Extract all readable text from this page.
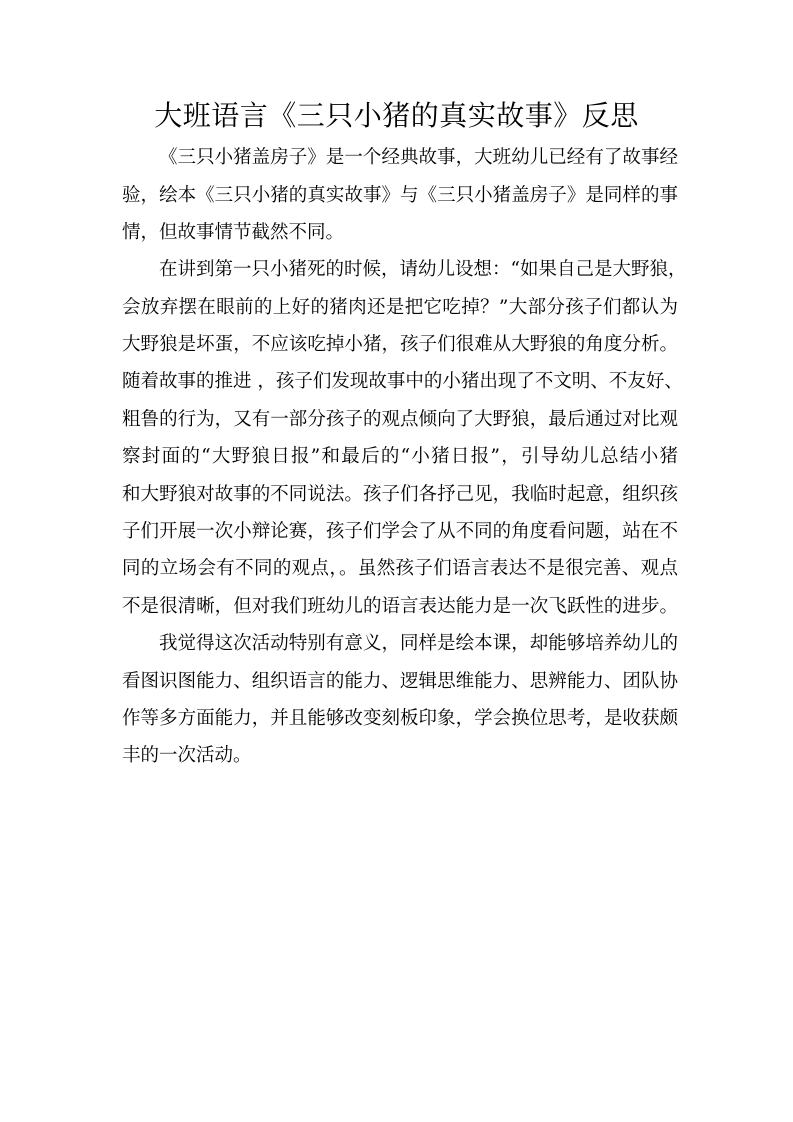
大班语言《三只小猪的真实故事》反思
《三只小猪盖房子》是一个经典故事，大班幼儿已经有了故事经
验，绘本《三只小猪的真实故事》与《三只小猪盖房子》是同样的事
情，但故事情节截然不同。
在讲到第一只小猪死的时候，请幼儿设想：“如果自己是大野狼，
会放弃摆在眼前的上好的猪肉还是把它吃掉？”大部分孩子们都认为
大野狼是坏蛋，不应该吃掉小猪，孩子们很难从大野狼的角度分析。
随着故事的推进 ，孩子们发现故事中的小猪出现了不文明、不友好、
粗鲁的行为，又有一部分孩子的观点倾向了大野狼，最后通过对比观
察封面的“大野狼日报”和最后的“小猪日报”，引导幼儿总结小猪
和大野狼对故事的不同说法。孩子们各抒己见，我临时起意，组织孩
子们开展一次小辩论赛，孩子们学会了从不同的角度看问题，站在不
同的立场会有不同的观点，。虽然孩子们语言表达不是很完善、观点
不是很清晰，但对我们班幼儿的语言表达能力是一次飞跃性的进步。
我觉得这次活动特别有意义，同样是绘本课，却能够培养幼儿的
看图识图能力、组织语言的能力、逻辑思维能力、思辨能力、团队协
作等多方面能力，并且能够改变刻板印象，学会换位思考，是收获颇
丰的一次活动。
